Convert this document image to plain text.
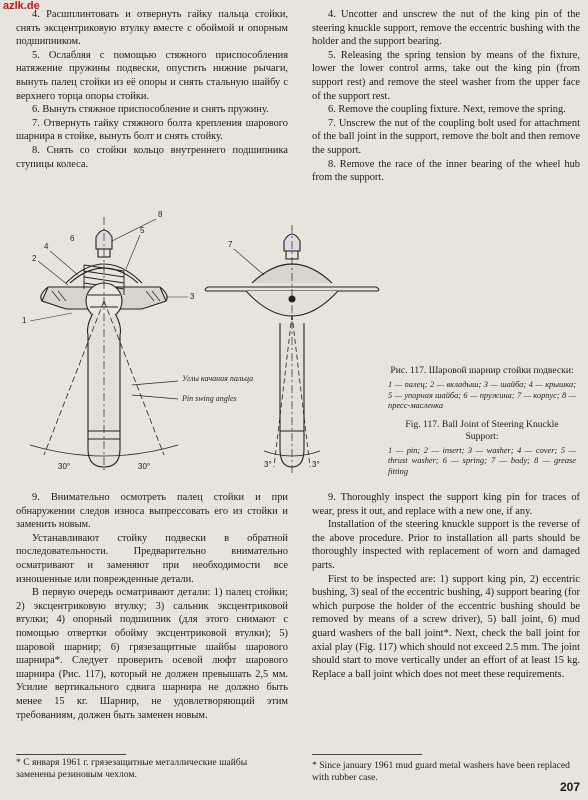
azlk.de

4. Расшплинтовать и отвернуть гайку пальца стойки, снять эксцентриковую втулку вместе с обоймой и опорным подшипником.

5. Ослабляя с помощью стяжного приспособления натяжение пружины подвески, опустить нижние рычаги, вынуть палец стойки из её опоры и снять стальную шайбу с верхнего торца опоры стойки.

6. Вынуть стяжное приспособление и снять пружину.

7. Отвернуть гайку стяжного болта крепления шарового шарнира в стойке, вынуть болт и снять стойку.

8. Снять со стойки кольцо внутреннего подшипника ступицы колеса.

4. Uncotter and unscrew the nut of the king pin of the steering knuckle support, remove the eccentric bushing with the holder and the support bearing.

5. Releasing the spring tension by means of the fixture, lower the lower control arms, take out the king pin (from support rest) and remove the steel washer from the upper face of the support rest.

6. Remove the coupling fixture. Next, remove the spring.

7. Unscrew the nut of the coupling bolt used for attachment of the ball joint in the support, remove the bolt and then remove the support.

8. Remove the race of the inner bearing of the wheel hub from the support.

2
4
6
5
8
1
3
7
Углы качания пальца
Pin swing angles
30°	30°	3°	3°
Рис. 117. Шаровой шарнир стойки подвески:
1 — палец; 2 — вкладыш; 3 — шайба; 4 — крышка; 5 — упорная шайба; 6 — пружина; 7 — корпус; 8 — пресс-масленка
Fig. 117. Ball Joint of Steering Knuckle Support:
1 — pin; 2 — insert; 3 — washer; 4 — cover; 5 — thrust washer; 6 — spring; 7 — body; 8 — grease fitting

9. Внимательно осмотреть палец стойки и при обнаружении следов износа выпрессовать его из стойки и заменить новым.

Устанавливают стойку подвески в обратной последовательности. Предварительно внимательно осматривают и заменяют при необходимости все изношенные или поврежденные детали.

В первую очередь осматривают детали: 1) палец стойки; 2) эксцентриковую втулку; 3) сальник эксцентриковой втулки; 4) опорный подшипник (для этого снимают с помощью отвертки обойму эксцентриковой втулки); 5) шаровой шарнир; 6) грязезащитные шайбы шарового шарнира*. Следует проверить осевой люфт шарового шарнира (Рис. 117), который не должен превышать 2,5 мм. Усилие вертикального сдвига шарнира не должно быть менее 15 кг. Шарнир, не удовлетворяющий этим требованиям, должен быть заменен новым.

9. Thoroughly inspect the support king pin for traces of wear, press it out, and replace with a new one, if any.

Installation of the steering knuckle support is the reverse of the above procedure. Prior to installation all parts should be thoroughly inspected with replacement of worn and damaged parts.

First to be inspected are: 1) support king pin, 2) eccentric bushing, 3) seal of the eccentric bushing, 4) support bearing (for which purpose the holder of the eccentric bushing should be removed by means of a screw driver), 5) ball joint, 6) mud guard washers of the ball joint*. Next, check the ball joint for axial play (Fig. 117) which should not exceed 2.5 mm. The joint should start to move vertically under an effort of at least 15 kg. Replace a ball joint which does not meet these requirements.

* С января 1961 г. грязезащитные металлические шайбы заменены резиновым чехлом.
* Since january 1961 mud guard metal washers have been replaced with rubber case.
207
